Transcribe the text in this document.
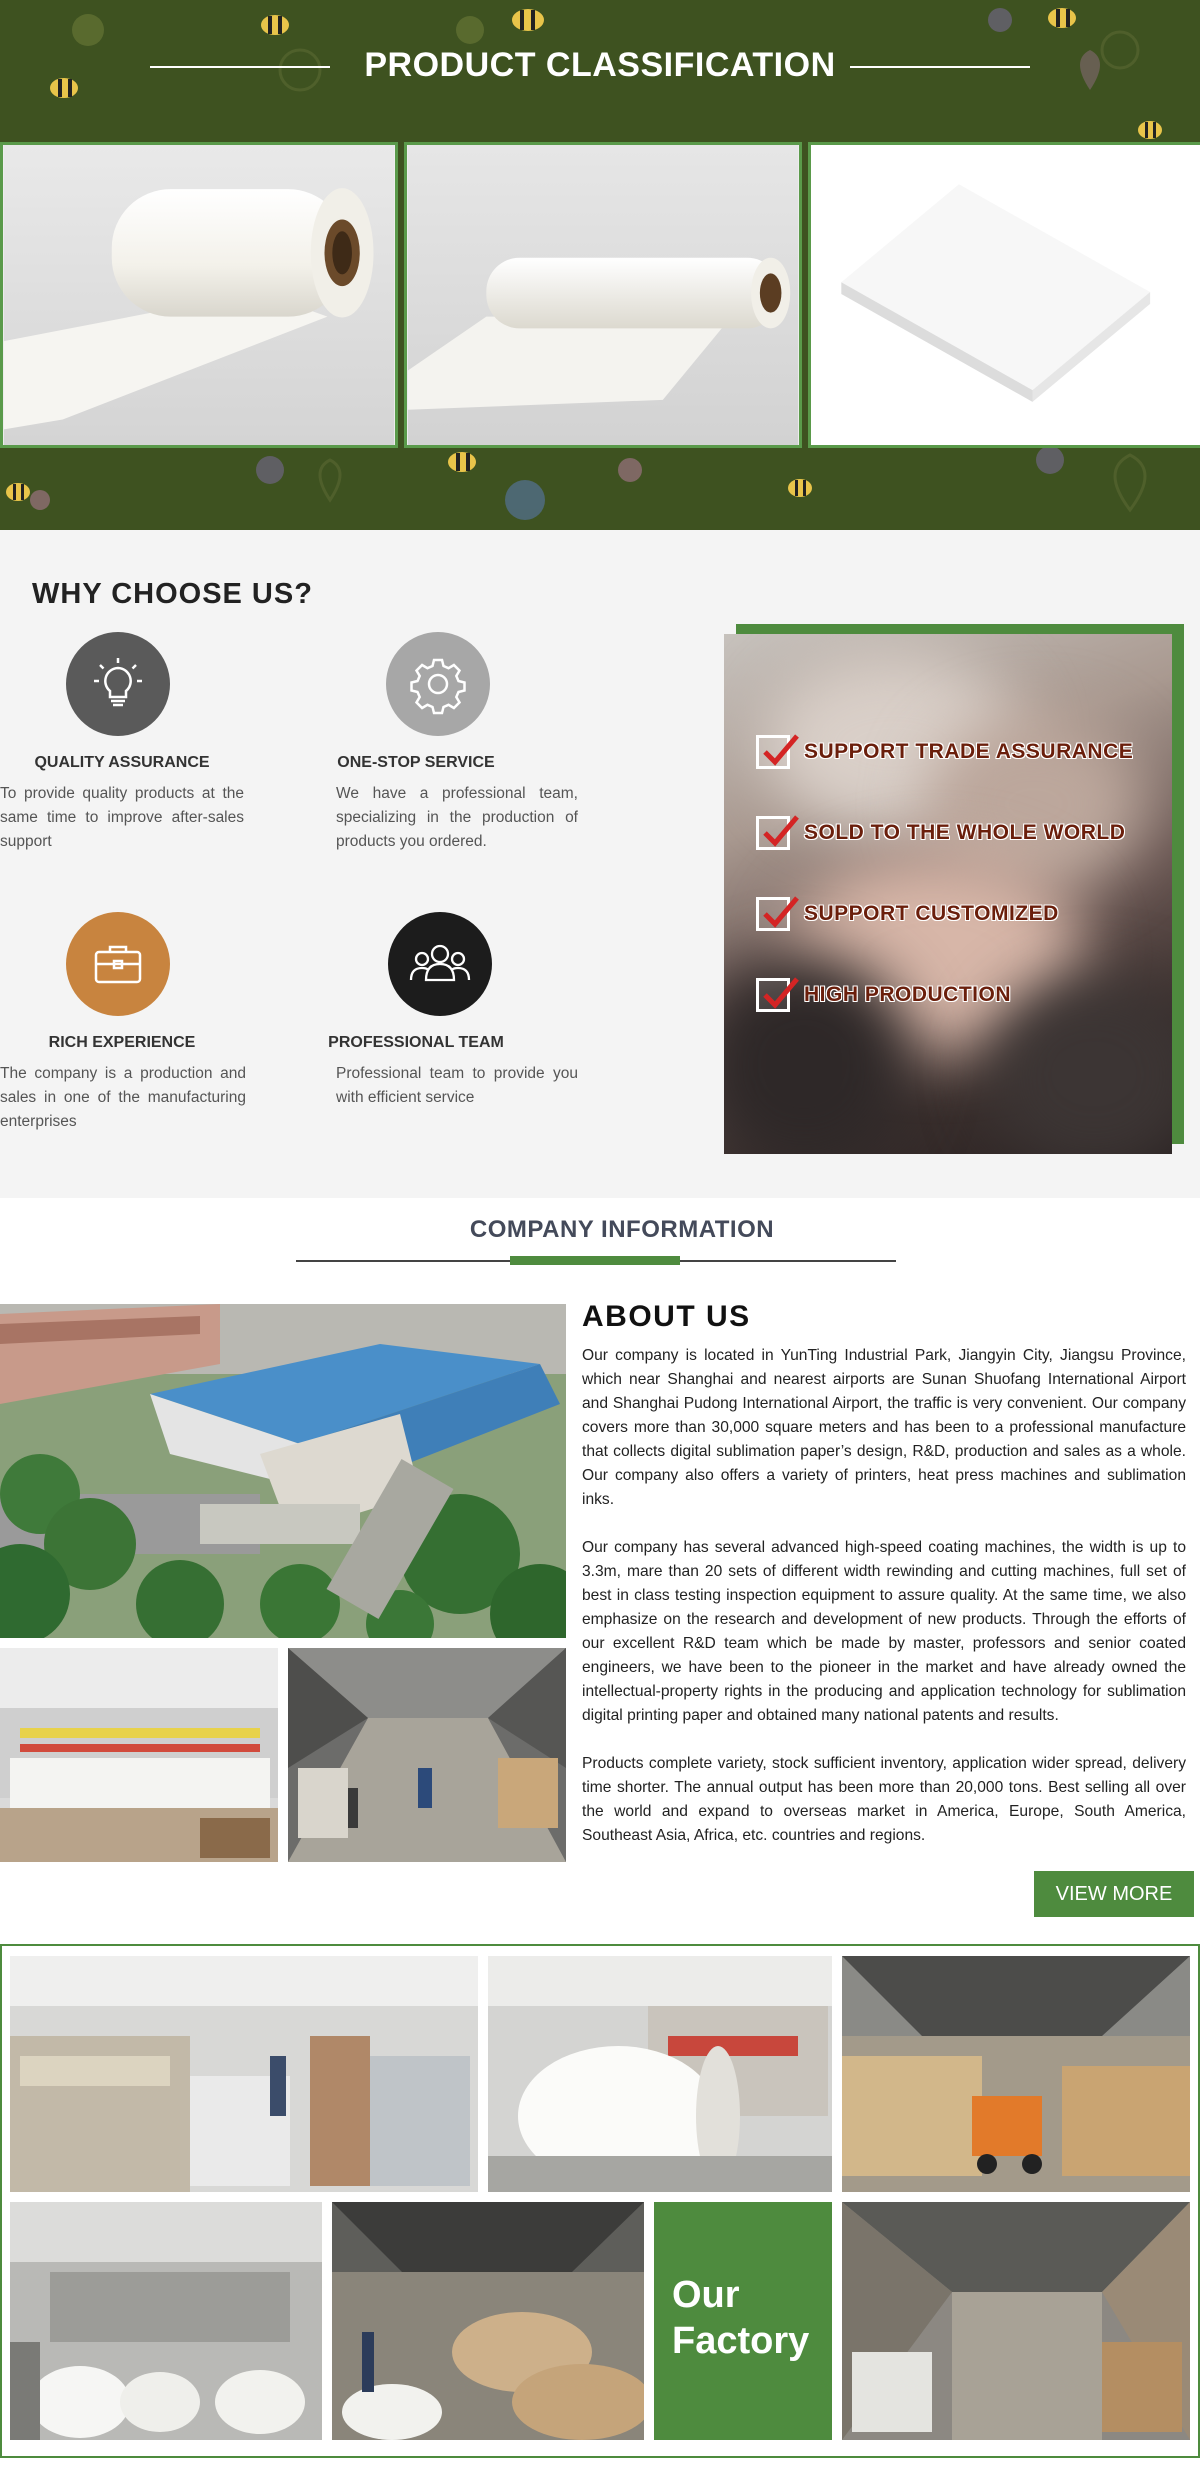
PRODUCT CLASSIFICATION
WHY CHOOSE US?
QUALITY ASSURANCE
To provide quality products at the same time to improve after-sales support
ONE-STOP SERVICE
We have a professional team, specializing in the production of products you ordered.
RICH EXPERIENCE
The company is a production and sales in one of the manufacturing enterprises
PROFESSIONAL TEAM
Professional team to provide you with efficient service
SUPPORT TRADE ASSURANCE
SOLD TO THE WHOLE WORLD
SUPPORT CUSTOMIZED
HIGH PRODUCTION
COMPANY INFORMATION
ABOUT US

Our company is located in YunTing Industrial Park, Jiangyin City, Jiangsu Province, which near Shanghai and nearest airports are Sunan Shuofang International Airport and Shanghai Pudong International Airport, the traffic is very convenient. Our company covers more than 30,000 square meters and has been to a professional manufacture that collects digital sublimation paper’s design, R&D, production and sales as a whole. Our company also offers a variety of printers, heat press machines and sublimation inks.

Our company has several advanced high-speed coating machines, the width is up to 3.3m, mare than 20 sets of different width rewinding and cutting machines, full set of best in class testing inspection equipment to assure quality. At the same time, we also emphasize on the research and development of new products. Through the efforts of our excellent R&D team which be made by master, professors and senior coated engineers, we have been to the pioneer in the market and have already owned the intellectual-property rights in the producing and application technology for sublimation digital printing paper and obtained many national patents and results.

Products complete variety, stock sufficient inventory, application wider spread, delivery time shorter. The annual output has been more than 20,000 tons. Best selling all over the world and expand to overseas market in America, Europe, South America, Southeast Asia, Africa, etc. countries and regions.

VIEW MORE
Our
Factory
